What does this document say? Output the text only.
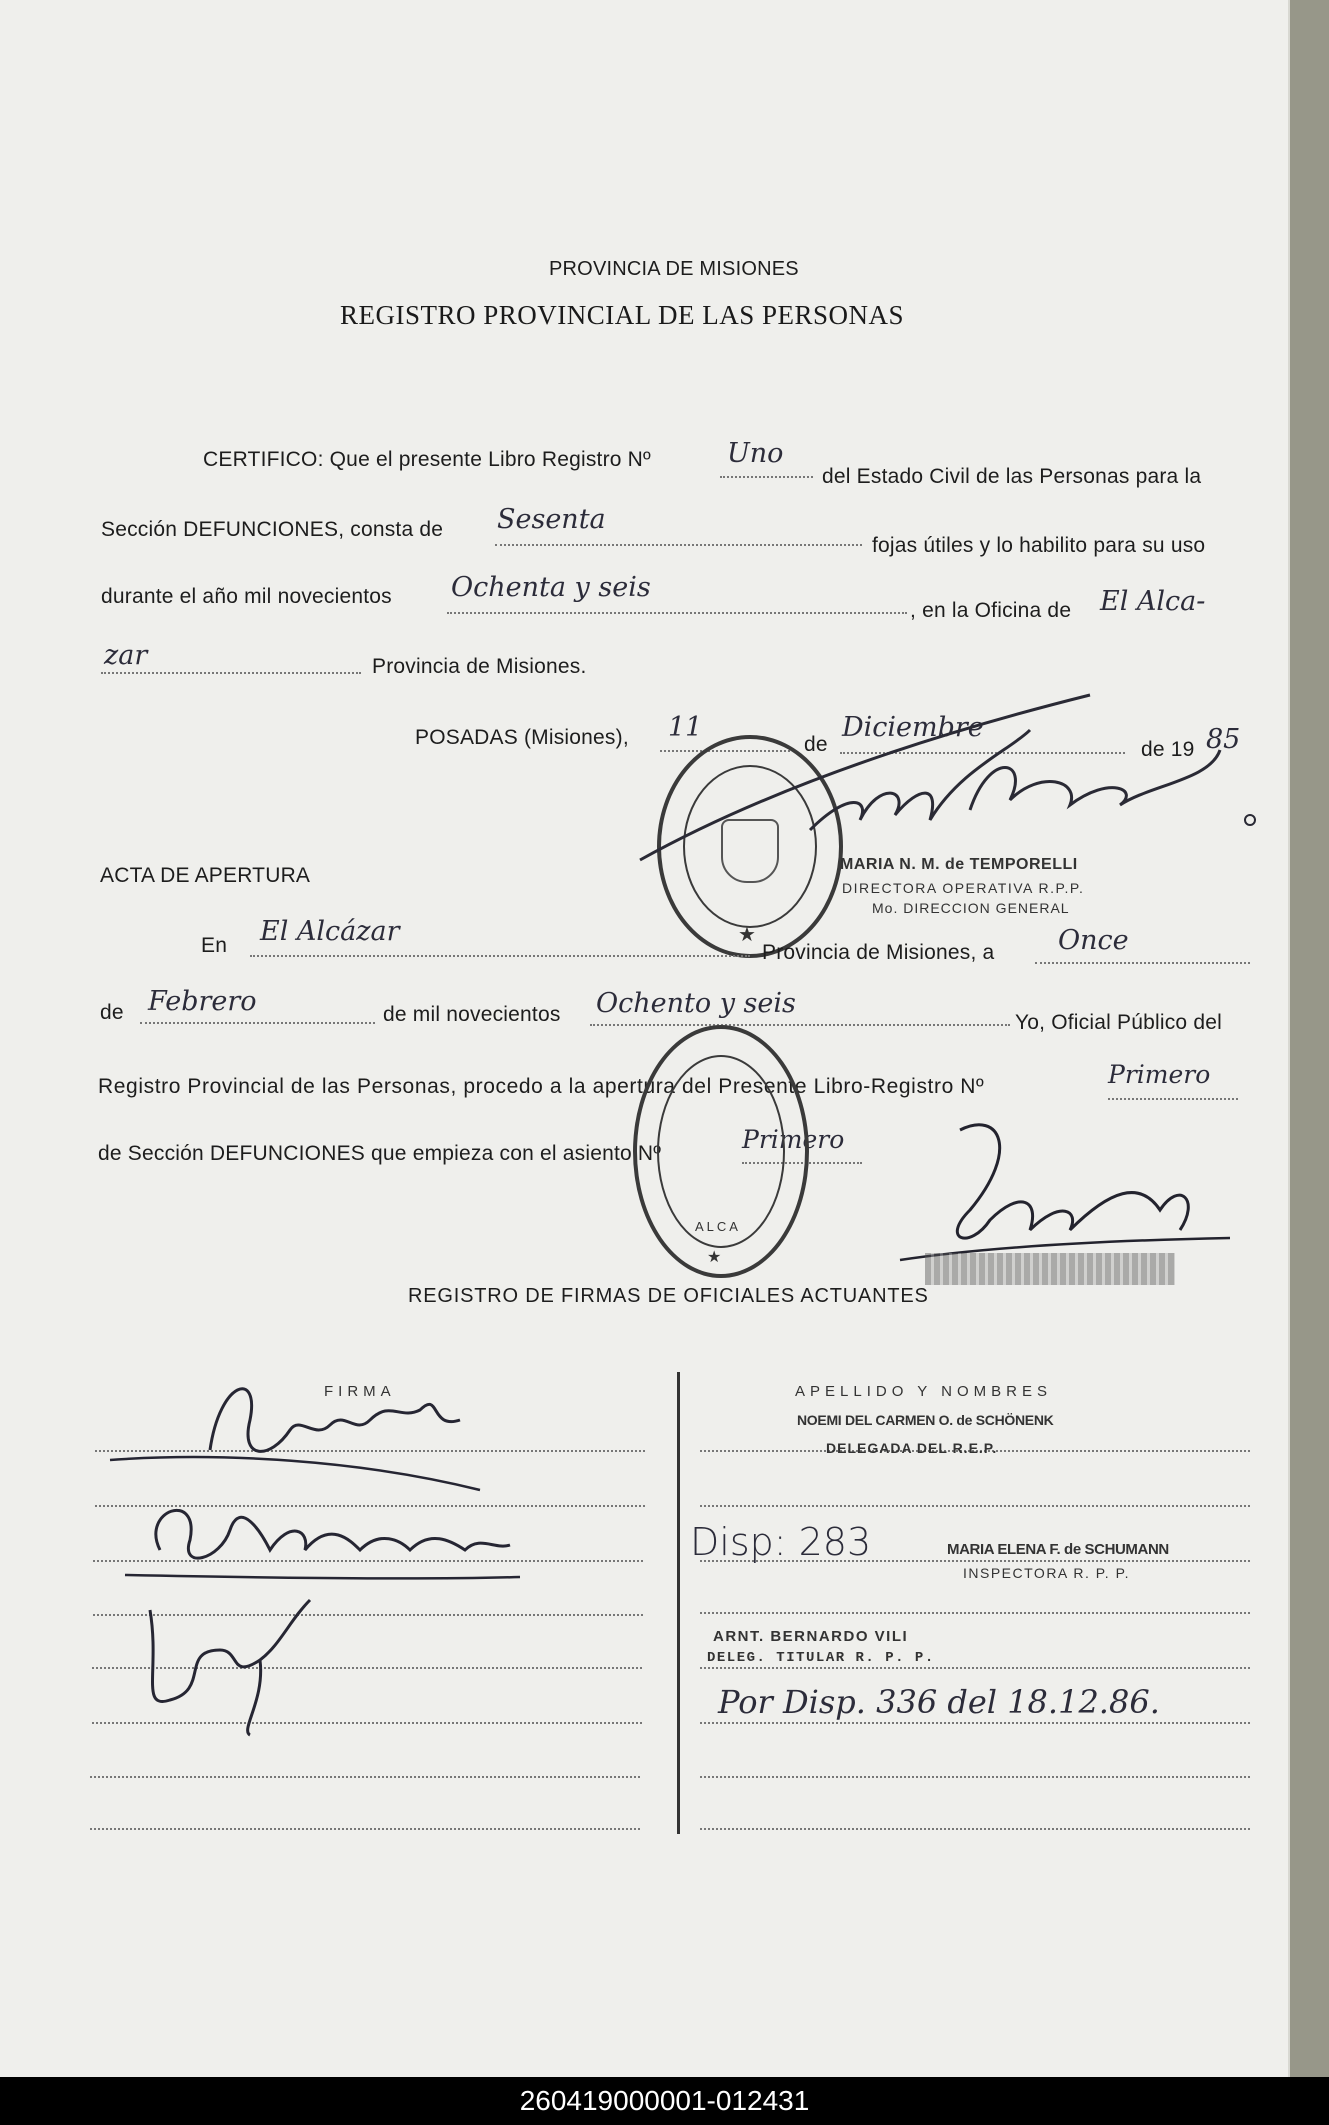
PROVINCIA DE MISIONES
REGISTRO PROVINCIAL DE LAS PERSONAS
CERTIFICO: Que el presente Libro Registro Nº	Uno
del Estado Civil de las Personas para la
Sección DEFUNCIONES, consta de Sesenta
fojas útiles y lo habilito para su uso
durante el año mil novecientos Ochenta y seis
, en la Oficina de El Alca-
zar	Provincia de Misiones.
POSADAS (Misiones), 11
de
Diciembre
de 19 85
★
MARIA N. M. de TEMPORELLI
DIRECTORA OPERATIVA R.P.P.
Mo. DIRECCION GENERAL
ACTA DE APERTURA
En El Alcázar
Provincia de Misiones, a Once
de Febrero	de mil novecientos Ochento y seis
Yo, Oficial Público del
Registro Provincial de las Personas, procedo a la apertura del Presente Libro-Registro Nº	Primero
de Sección DEFUNCIONES que empieza con el asiento Nº	Primero
ALCA
★
REGISTRO DE FIRMAS DE OFICIALES ACTUANTES
FIRMA	APELLIDO Y NOMBRES
NOEMI DEL CARMEN O. de SCHÖNENK
DELEGADA DEL R.E.P.
Disp: 283	MARIA ELENA F. de SCHUMANN
INSPECTORA R. P. P.
ARNT. BERNARDO VILI
DELEG. TITULAR R. P. P.
Por Disp. 336 del 18.12.86.
260419000001-012431
